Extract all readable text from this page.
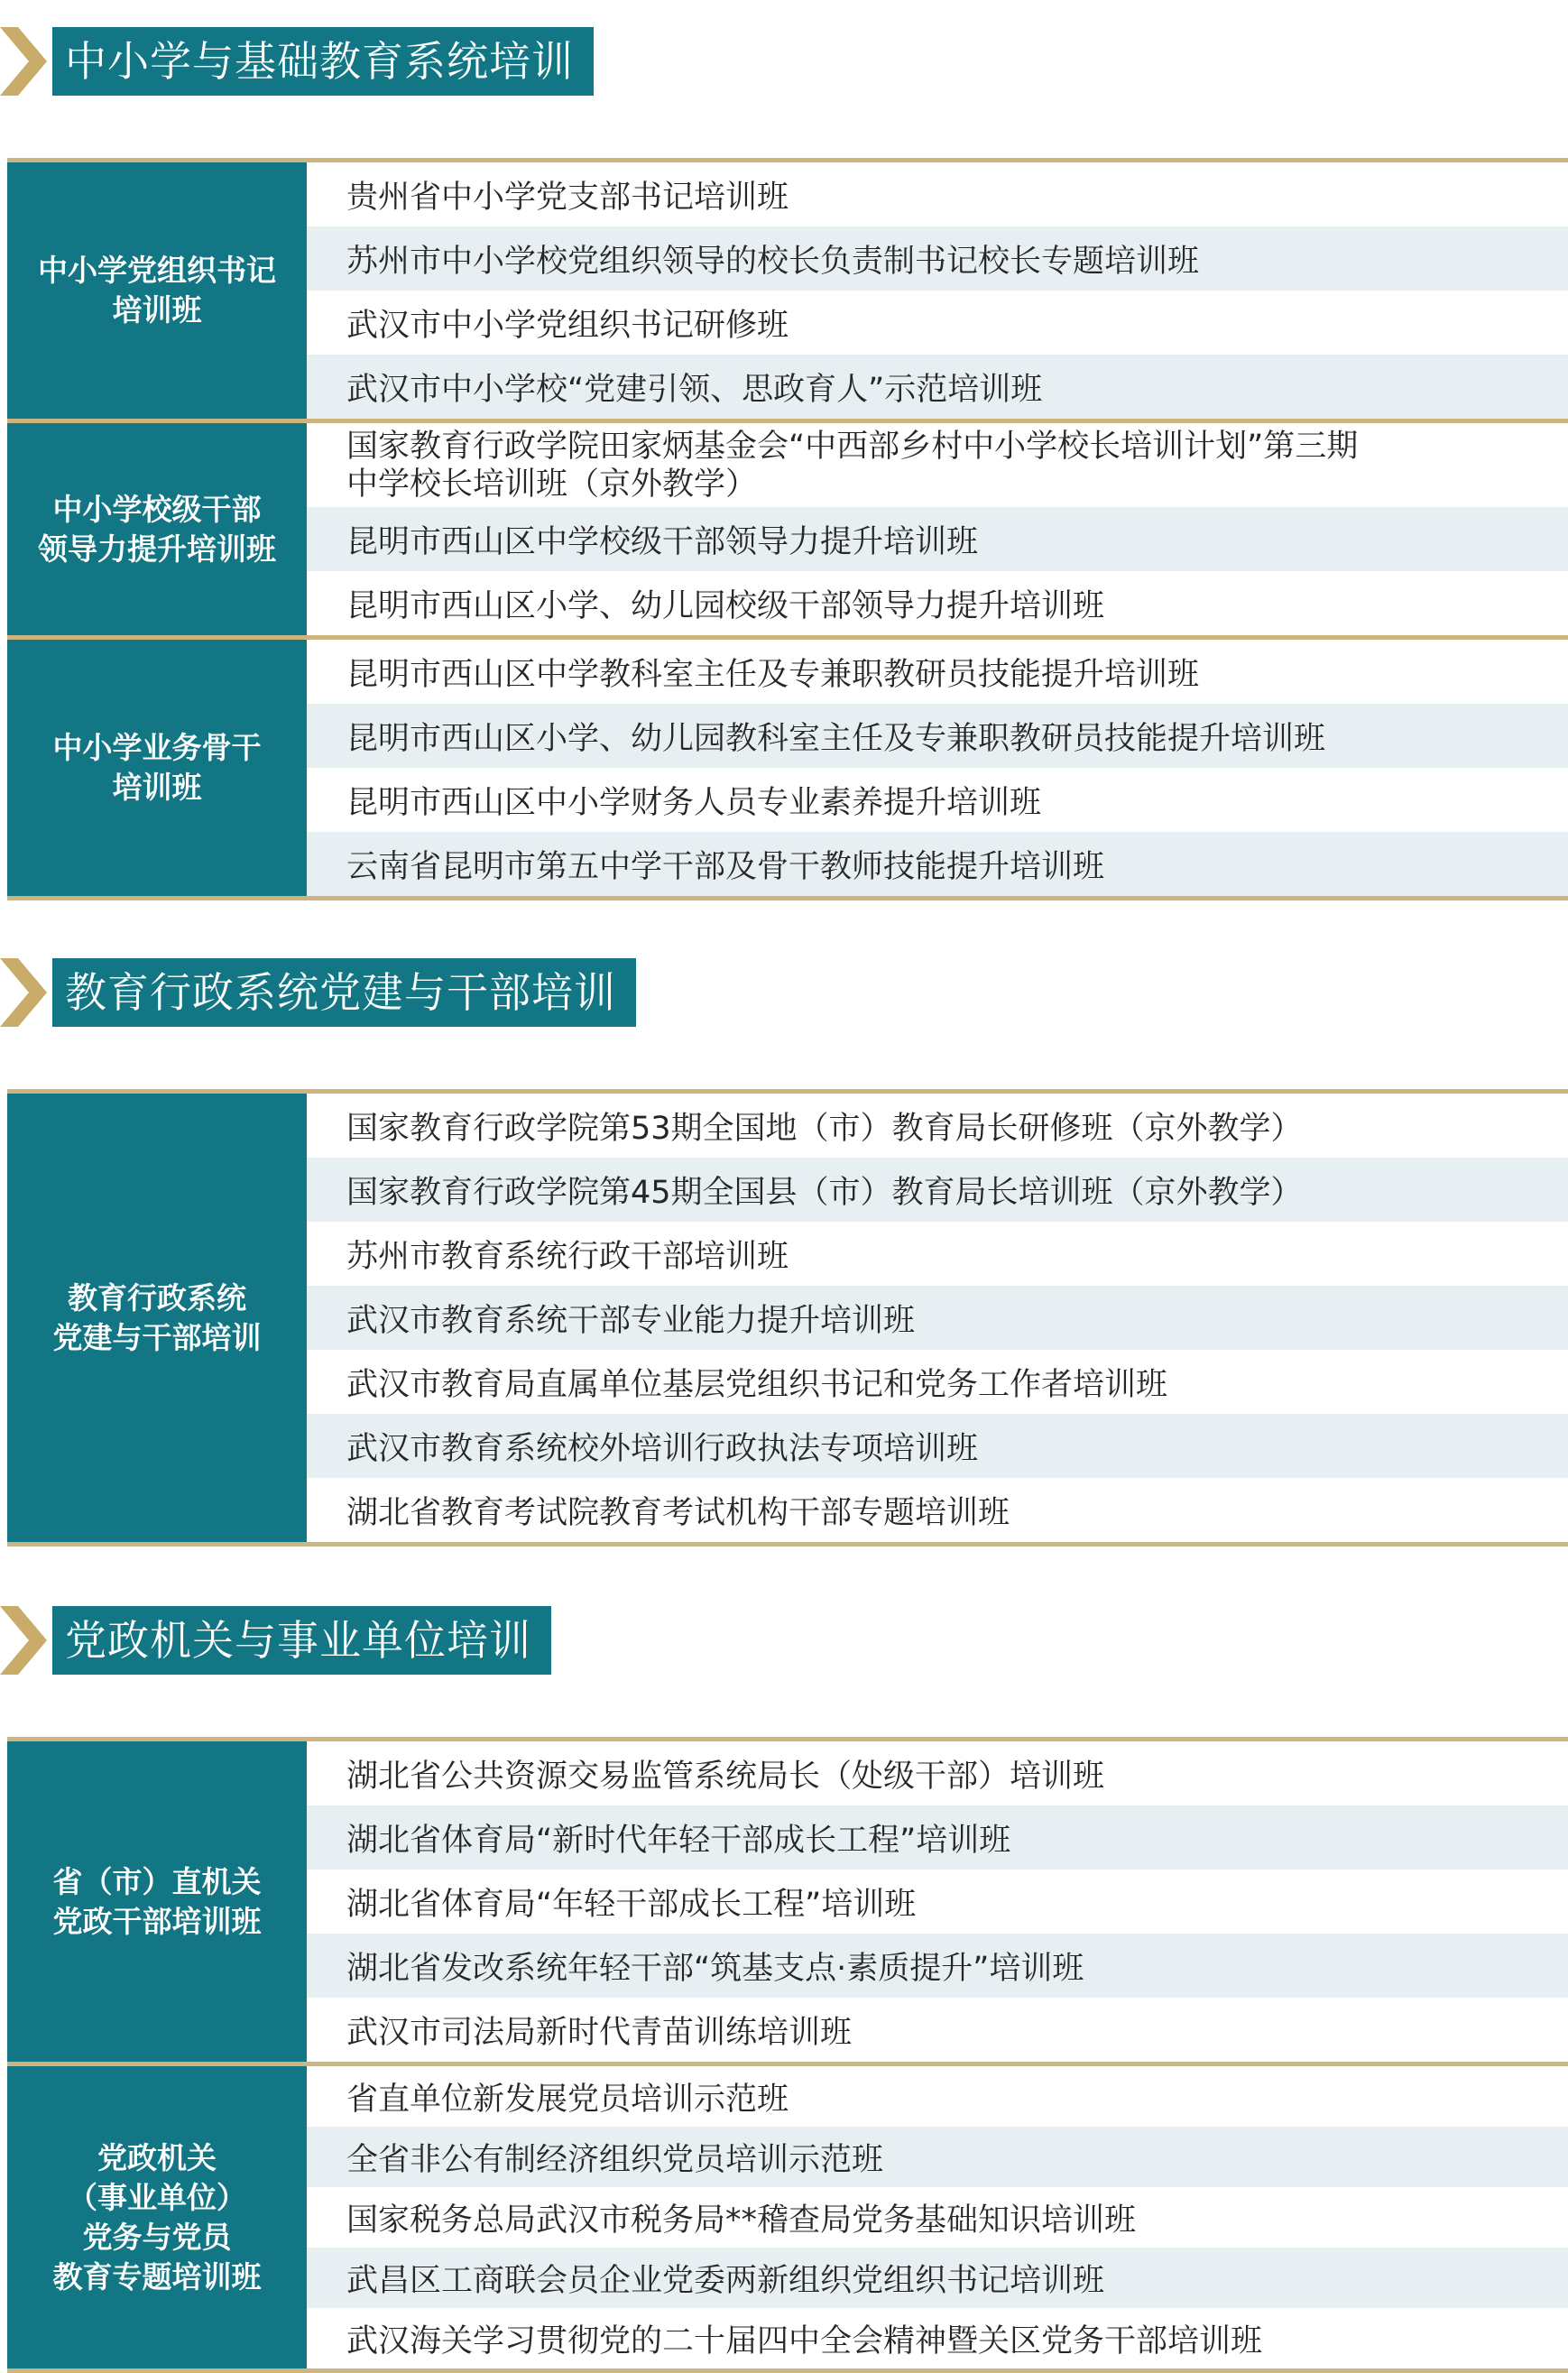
中小学与基础教育系统培训
中小学党组织书记
培训班
贵州省中小学党支部书记培训班
苏州市中小学校党组织领导的校长负责制书记校长专题培训班
武汉市中小学党组织书记研修班
武汉市中小学校“党建引领、思政育人”示范培训班
中小学校级干部
领导力提升培训班
国家教育行政学院田家炳基金会“中西部乡村中小学校长培训计划”第三期
中学校长培训班（京外教学）
昆明市西山区中学校级干部领导力提升培训班
昆明市西山区小学、幼儿园校级干部领导力提升培训班
中小学业务骨干
培训班
昆明市西山区中学教科室主任及专兼职教研员技能提升培训班
昆明市西山区小学、幼儿园教科室主任及专兼职教研员技能提升培训班
昆明市西山区中小学财务人员专业素养提升培训班
云南省昆明市第五中学干部及骨干教师技能提升培训班
教育行政系统党建与干部培训
教育行政系统
党建与干部培训
国家教育行政学院第53期全国地（市）教育局长研修班（京外教学）
国家教育行政学院第45期全国县（市）教育局长培训班（京外教学）
苏州市教育系统行政干部培训班
武汉市教育系统干部专业能力提升培训班
武汉市教育局直属单位基层党组织书记和党务工作者培训班
武汉市教育系统校外培训行政执法专项培训班
湖北省教育考试院教育考试机构干部专题培训班
党政机关与事业单位培训
省（市）直机关
党政干部培训班
湖北省公共资源交易监管系统局长（处级干部）培训班
湖北省体育局“新时代年轻干部成长工程”培训班
湖北省体育局“年轻干部成长工程”培训班
湖北省发改系统年轻干部“筑基支点·素质提升”培训班
武汉市司法局新时代青苗训练培训班
党政机关
（事业单位）
党务与党员
教育专题培训班
省直单位新发展党员培训示范班
全省非公有制经济组织党员培训示范班
国家税务总局武汉市税务局**稽查局党务基础知识培训班
武昌区工商联会员企业党委两新组织党组织书记培训班
武汉海关学习贯彻党的二十届四中全会精神暨关区党务干部培训班
